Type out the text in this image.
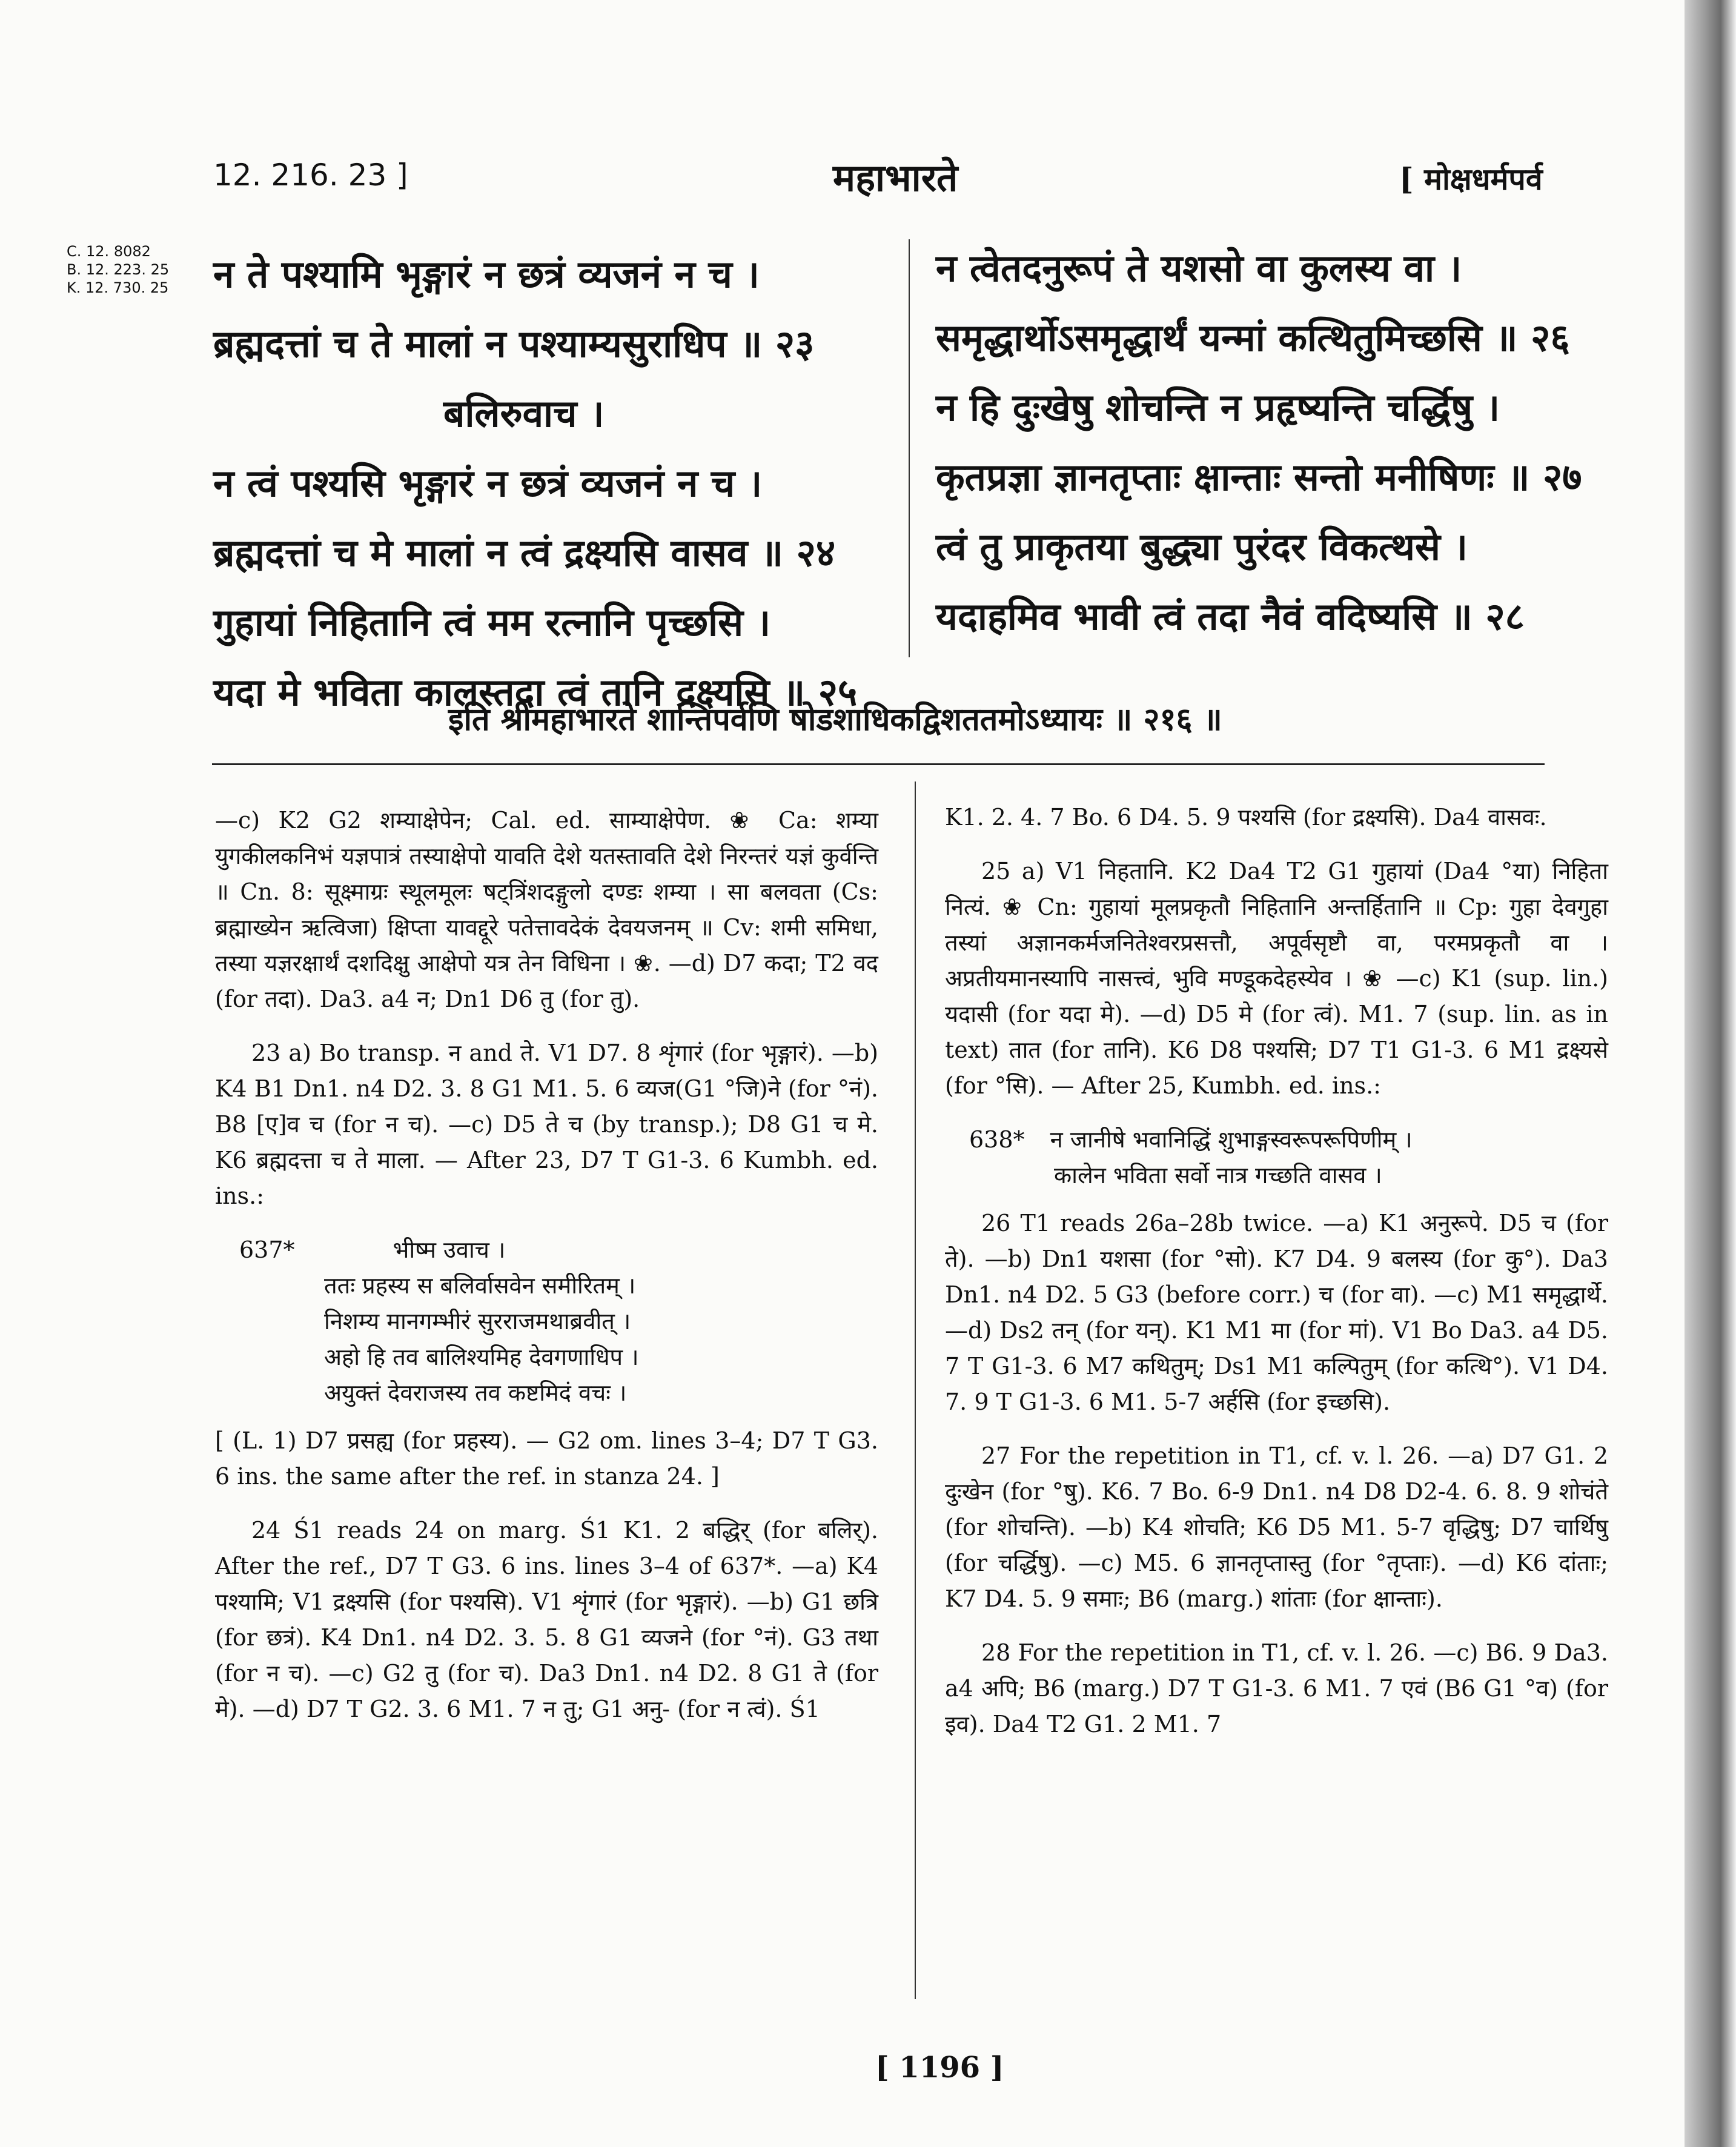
12. 216. 23 ]	महाभारते	[ मोक्षधर्मपर्व
C. 12. 8082
B. 12. 223. 25
K. 12. 730. 25 न ते पश्यामि भृङ्गारं न छत्रं व्यजनं न च ।
ब्रह्मदत्तां च ते मालां न पश्याम्यसुराधिप ॥ २३
बलिरुवाच ।
न त्वं पश्यसि भृङ्गारं न छत्रं व्यजनं न च ।
ब्रह्मदत्तां च मे मालां न त्वं द्रक्ष्यसि वासव ॥ २४
गुहायां निहितानि त्वं मम रत्नानि पृच्छसि ।
यदा मे भविता कालस्तदा त्वं तानि द्रक्ष्यसि ॥ २५
न त्वेतदनुरूपं ते यशसो वा कुलस्य वा ।
समृद्धार्थोऽसमृद्धार्थं यन्मां कत्थितुमिच्छसि ॥ २६
न हि दुःखेषु शोचन्ति न प्रहृष्यन्ति चर्द्धिषु ।
कृतप्रज्ञा ज्ञानतृप्ताः क्षान्ताः सन्तो मनीषिणः ॥ २७
त्वं तु प्राकृतया बुद्ध्या पुरंदर विकत्थसे ।
यदाहमिव भावी त्वं तदा नैवं वदिष्यसि ॥ २८
इति श्रीमहाभारते शान्तिपर्वणि षोडशाधिकद्विशततमोऽध्यायः ॥ २१६ ॥

—c) K2 G2 शम्याक्षेपेन; Cal. ed. साम्याक्षेपेण. ❀ Ca: शम्या युगकीलकनिभं यज्ञपात्रं तस्याक्षेपो यावति देशे यतस्तावति देशे निरन्तरं यज्ञं कुर्वन्ति ॥ Cn. 8: सूक्ष्माग्रः स्थूलमूलः षट्त्रिंशदङ्गुलो दण्डः शम्या । सा बलवता (Cs: ब्रह्माख्येन ऋत्विजा) क्षिप्ता यावद्दूरे पतेत्तावदेकं देवयजनम् ॥ Cv: शमी समिधा, तस्या यज्ञरक्षार्थं दशदिक्षु आक्षेपो यत्र तेन विधिना । ❀. —d) D7 कदा; T2 वद (for तदा). Da3. a4 न; Dn1 D6 तु (for तु).

23 a) Bo transp. न and ते. V1 D7. 8 शृंगारं (for भृङ्गारं). —b) K4 B1 Dn1. n4 D2. 3. 8 G1 M1. 5. 6 व्यज(G1 °जि)ने (for °नं). B8 [ए]व च (for न च). —c) D5 ते च (by transp.); D8 G1 च मे. K6 ब्रह्मदत्ता च ते माला. — After 23, D7 T G1-3. 6 Kumbh. ed. ins.:

637*	भीष्म उवाच ।
ततः प्रहस्य स बलिर्वासवेन समीरितम् ।
निशम्य मानगम्भीरं सुरराजमथाब्रवीत् ।
अहो हि तव बालिश्यमिह देवगणाधिप ।
अयुक्तं देवराजस्य तव कष्टमिदं वचः ।

[ (L. 1) D7 प्रसह्य (for प्रहस्य). — G2 om. lines 3–4; D7 T G3. 6 ins. the same after the ref. in stanza 24. ]

24 Ś1 reads 24 on marg. Ś1 K1. 2 बद्धिर् (for बलिर्). After the ref., D7 T G3. 6 ins. lines 3–4 of 637*. —a) K4 पश्यामि; V1 द्रक्ष्यसि (for पश्यसि). V1 शृंगारं (for भृङ्गारं). —b) G1 छत्रि (for छत्रं). K4 Dn1. n4 D2. 3. 5. 8 G1 व्यजने (for °नं). G3 तथा (for न च). —c) G2 तु (for च). Da3 Dn1. n4 D2. 8 G1 ते (for मे). —d) D7 T G2. 3. 6 M1. 7 न तु; G1 अनु- (for न त्वं). Ś1

K1. 2. 4. 7 Bo. 6 D4. 5. 9 पश्यसि (for द्रक्ष्यसि). Da4 वासवः.

25 a) V1 निहतानि. K2 Da4 T2 G1 गुहायां (Da4 °या) निहिता नित्यं. ❀ Cn: गुहायां मूलप्रकृतौ निहितानि अन्तर्हितानि ॥ Cp: गुहा देवगुहा तस्यां अज्ञानकर्मजनितेश्वरप्रसत्तौ, अपूर्वसृष्टौ वा, परमप्रकृतौ वा । अप्रतीयमानस्यापि नासत्त्वं, भुवि मण्डूकदेहस्येव । ❀ —c) K1 (sup. lin.) यदासी (for यदा मे). —d) D5 मे (for त्वं). M1. 7 (sup. lin. as in text) तात (for तानि). K6 D8 पश्यसि; D7 T1 G1-3. 6 M1 द्रक्ष्यसे (for °सि). — After 25, Kumbh. ed. ins.:

638* न जानीषे भवानिद्धिं शुभाङ्गस्वरूपरूपिणीम् ।
कालेन भविता सर्वो नात्र गच्छति वासव ।

26 T1 reads 26a–28b twice. —a) K1 अनुरूपे. D5 च (for ते). —b) Dn1 यशसा (for °सो). K7 D4. 9 बलस्य (for कु°). Da3 Dn1. n4 D2. 5 G3 (before corr.) च (for वा). —c) M1 समृद्धार्थे. —d) Ds2 तन् (for यन्). K1 M1 मा (for मां). V1 Bo Da3. a4 D5. 7 T G1-3. 6 M7 कथितुम्; Ds1 M1 कल्पितुम् (for कत्थि°). V1 D4. 7. 9 T G1-3. 6 M1. 5-7 अर्हसि (for इच्छसि).

27 For the repetition in T1, cf. v. l. 26. —a) D7 G1. 2 दुःखेन (for °षु). K6. 7 Bo. 6-9 Dn1. n4 D8 D2-4. 6. 8. 9 शोचंते (for शोचन्ति). —b) K4 शोचति; K6 D5 M1. 5-7 वृद्धिषु; D7 चार्थिषु (for चर्द्धिषु). —c) M5. 6 ज्ञानतृप्तास्तु (for °तृप्ताः). —d) K6 दांताः; K7 D4. 5. 9 समाः; B6 (marg.) शांताः (for क्षान्ताः).

28 For the repetition in T1, cf. v. l. 26. —c) B6. 9 Da3. a4 अपि; B6 (marg.) D7 T G1-3. 6 M1. 7 एवं (B6 G1 °व) (for इव). Da4 T2 G1. 2 M1. 7

[ 1196 ]
